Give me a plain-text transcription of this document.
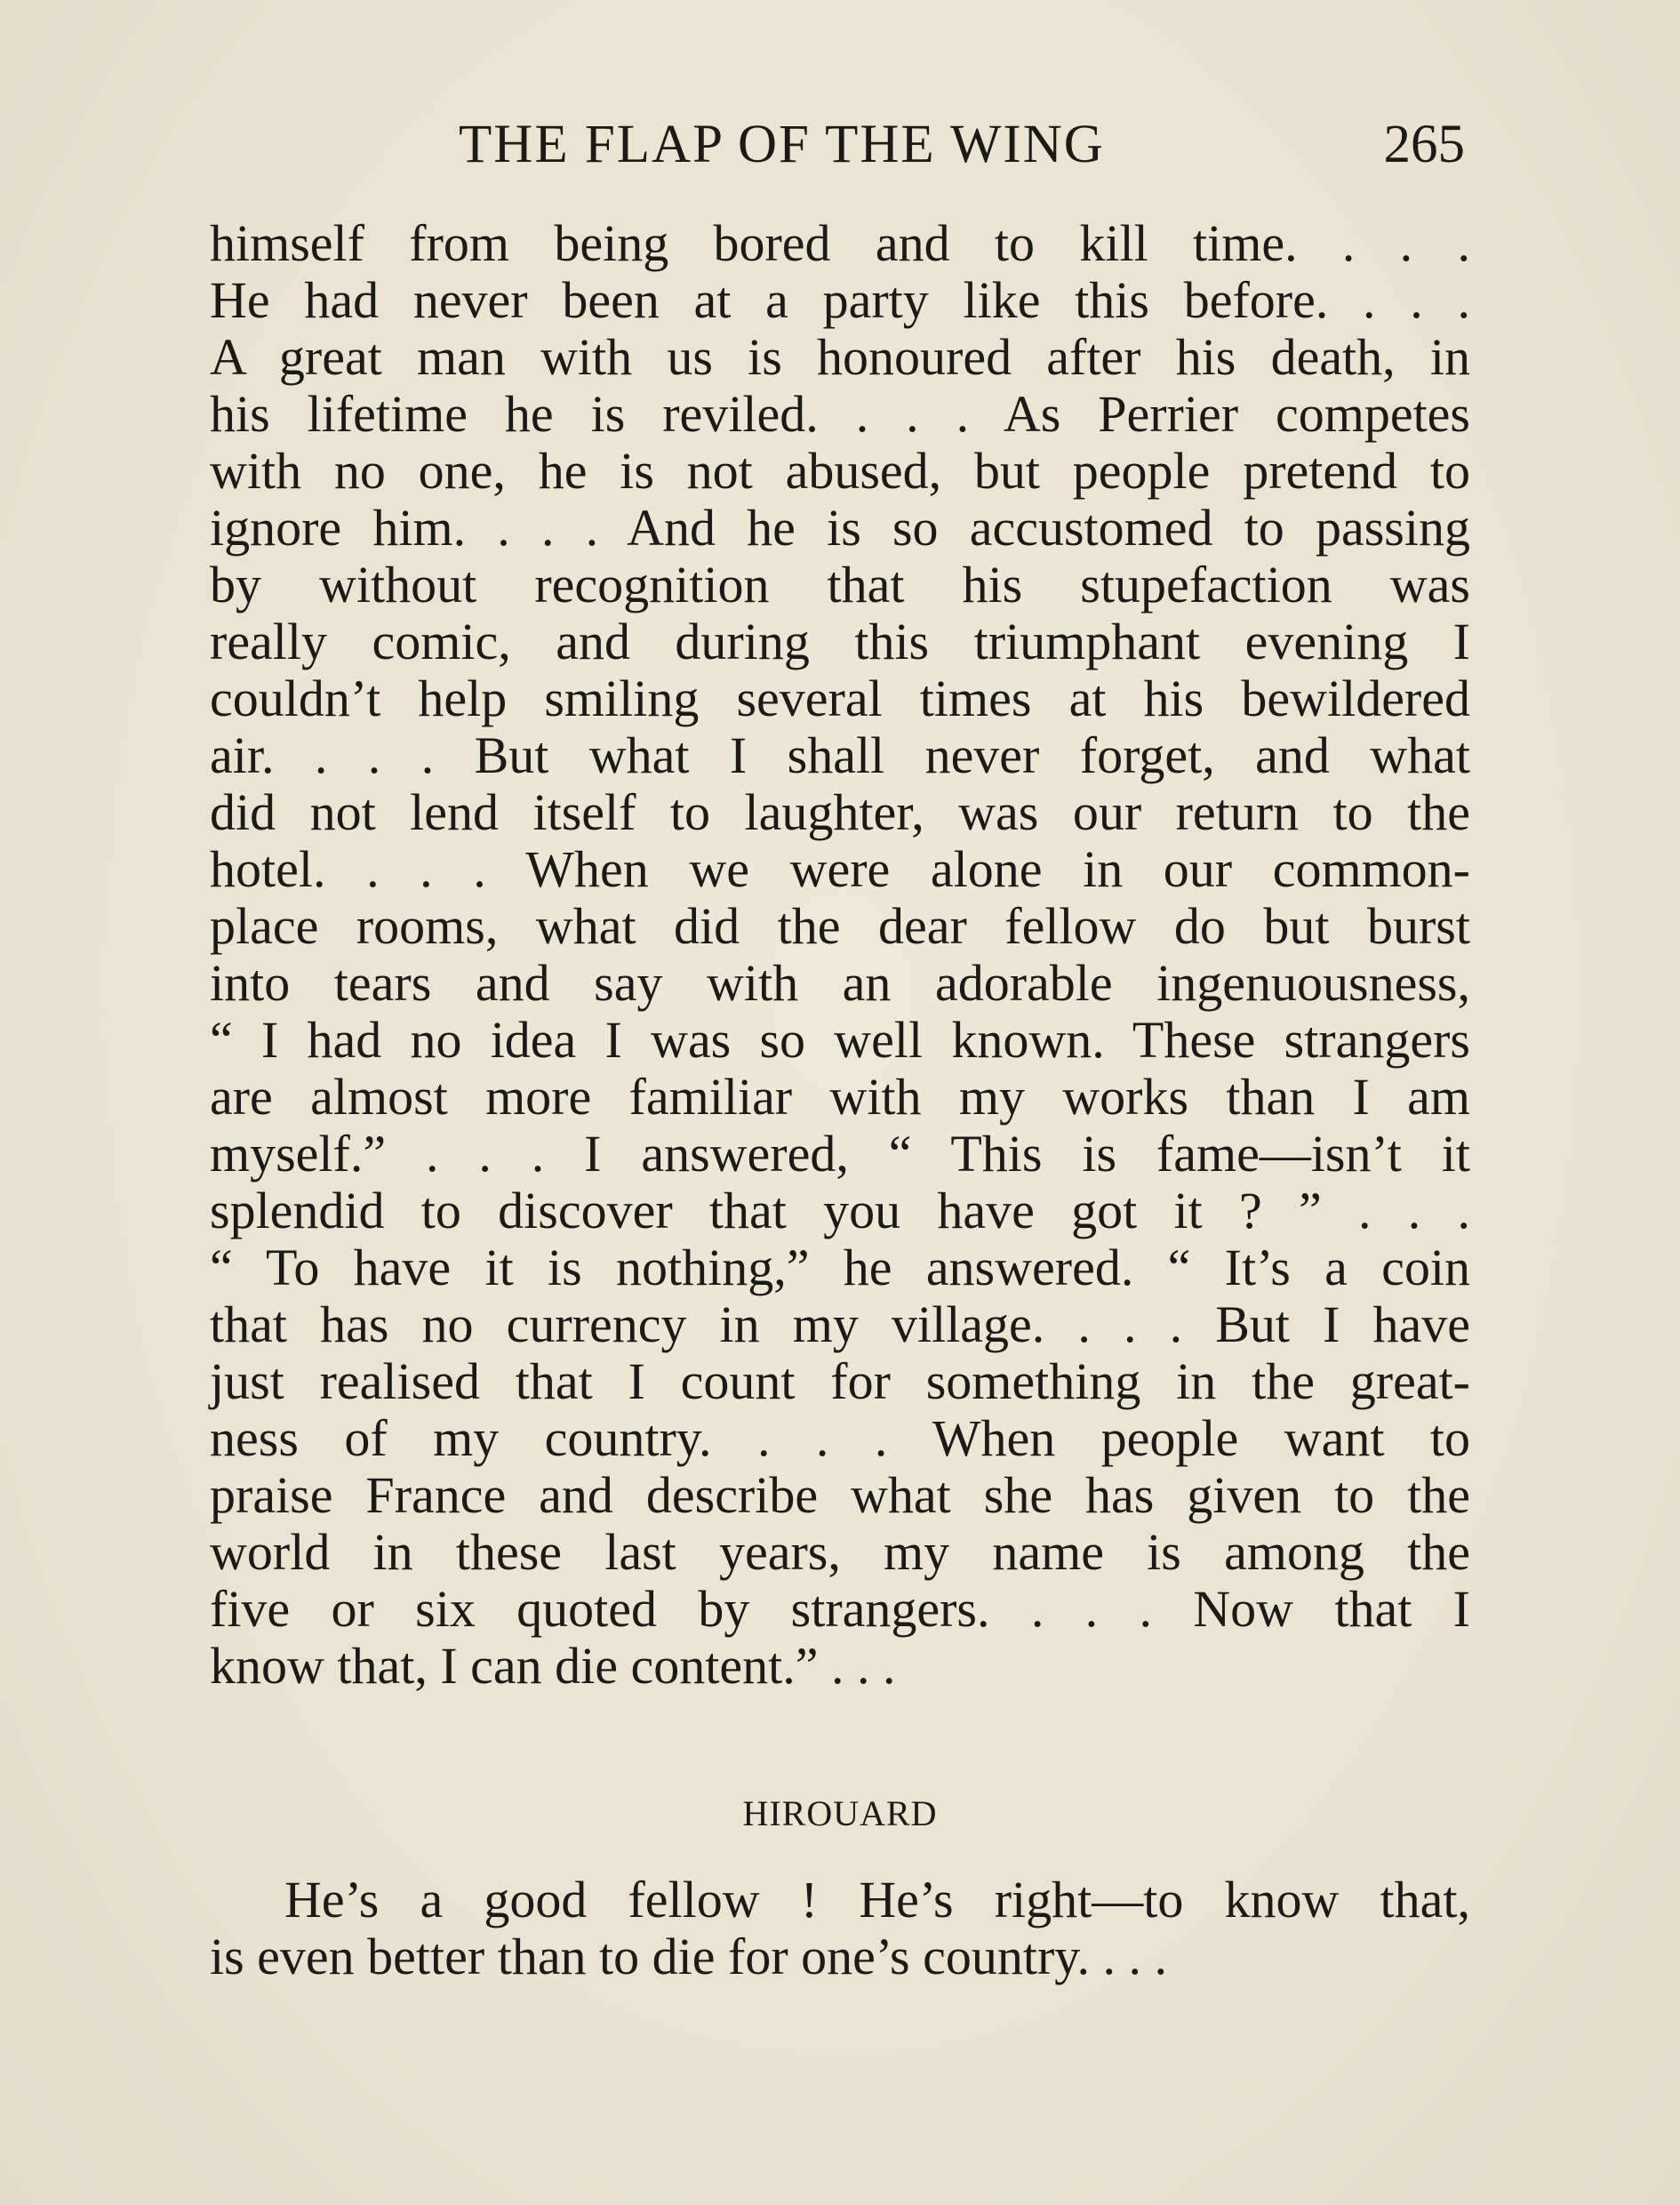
THE FLAP OF THE WING	265
himself from being bored and to kill time. . . .
He had never been at a party like this before. . . .
A great man with us is honoured after his death, in
his lifetime he is reviled. . . . As Perrier competes
with no one, he is not abused, but people pretend to
ignore him. . . . And he is so accustomed to passing
by without recognition that his stupefaction was
really comic, and during this triumphant evening I
couldn’t help smiling several times at his bewildered
air. . . . But what I shall never forget, and what
did not lend itself to laughter, was our return to the
hotel. . . . When we were alone in our common-
place rooms, what did the dear fellow do but burst
into tears and say with an adorable ingenuousness,
“ I had no idea I was so well known. These strangers
are almost more familiar with my works than I am
myself.” . . . I answered, “ This is fame—isn’t it
splendid to discover that you have got it ? ” . . .
“ To have it is nothing,” he answered. “ It’s a coin
that has no currency in my village. . . . But I have
just realised that I count for something in the great-
ness of my country. . . . When people want to
praise France and describe what she has given to the
world in these last years, my name is among the
five or six quoted by strangers. . . . Now that I
know that, I can die content.” . . .
HIROUARD
He’s a good fellow ! He’s right—to know that,
is even better than to die for one’s country. . . .
